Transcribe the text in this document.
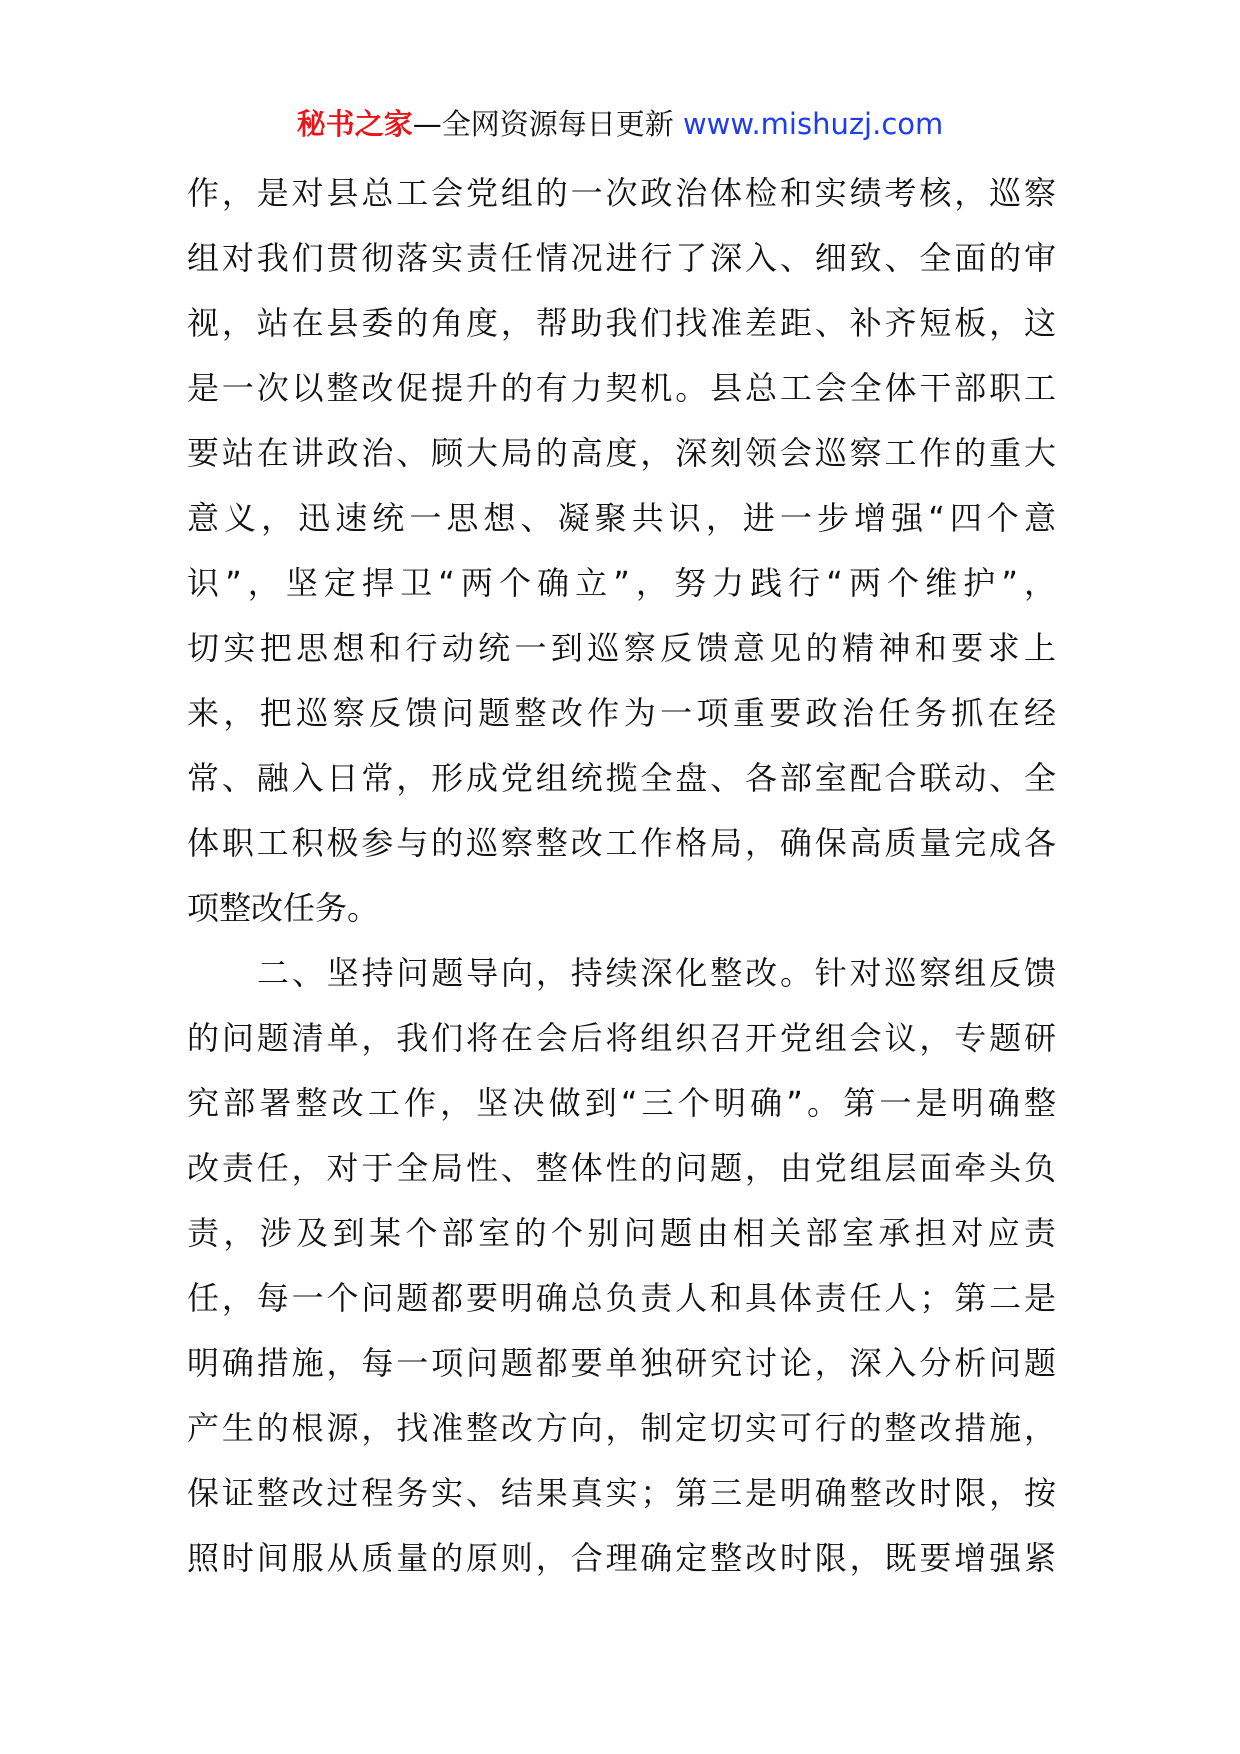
秘书之家—全网资源每日更新 www.mishuzj.com
作，是对县总工会党组的一次政治体检和实绩考核，巡察
组对我们贯彻落实责任情况进行了深入、细致、全面的审
视，站在县委的角度，帮助我们找准差距、补齐短板，这
是一次以整改促提升的有力契机。县总工会全体干部职工
要站在讲政治、顾大局的高度，深刻领会巡察工作的重大
意义，迅速统一思想、凝聚共识，进一步增强“四个意
识”，坚定捍卫“两个确立”，努力践行“两个维护”，
切实把思想和行动统一到巡察反馈意见的精神和要求上
来，把巡察反馈问题整改作为一项重要政治任务抓在经
常、融入日常，形成党组统揽全盘、各部室配合联动、全
体职工积极参与的巡察整改工作格局，确保高质量完成各
项整改任务。
二、坚持问题导向，持续深化整改。针对巡察组反馈
的问题清单，我们将在会后将组织召开党组会议，专题研
究部署整改工作，坚决做到“三个明确”。第一是明确整
改责任，对于全局性、整体性的问题，由党组层面牵头负
责，涉及到某个部室的个别问题由相关部室承担对应责
任，每一个问题都要明确总负责人和具体责任人；第二是
明确措施，每一项问题都要单独研究讨论，深入分析问题
产生的根源，找准整改方向，制定切实可行的整改措施，
保证整改过程务实、结果真实；第三是明确整改时限，按
照时间服从质量的原则，合理确定整改时限，既要增强紧
